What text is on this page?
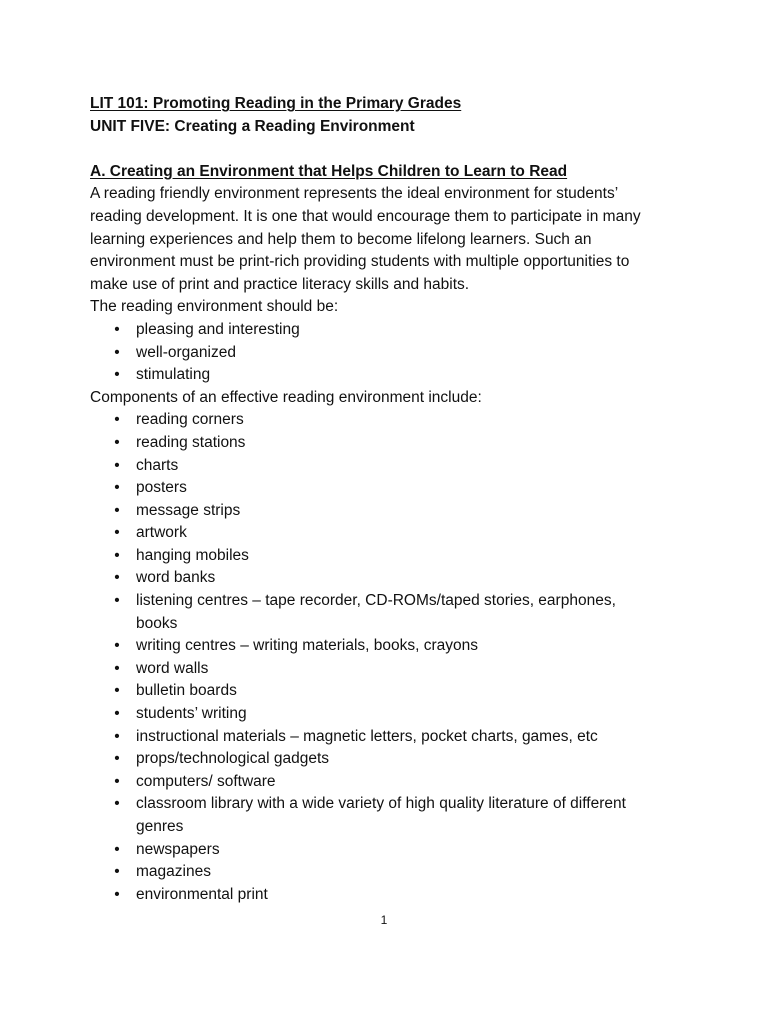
LIT 101: Promoting Reading in the Primary Grades
UNIT FIVE: Creating a Reading Environment
A. Creating an Environment that Helps Children to Learn to Read

A reading friendly environment represents the ideal environment for students’

reading development. It is one that would encourage them to participate in many

learning experiences and help them to become lifelong learners. Such an

environment must be print-rich providing students with multiple opportunities to

make use of print and practice literacy skills and habits.

The reading environment should be:
• pleasing and interesting
• well-organized
• stimulating
Components of an effective reading environment include:
• reading corners
• reading stations
• charts
• posters
• message strips
• artwork
• hanging mobiles
• word banks
• listening centres – tape recorder, CD-ROMs/taped stories, earphones,
books
• writing centres – writing materials, books, crayons
• word walls
• bulletin boards
• students’ writing
• instructional materials – magnetic letters, pocket charts, games, etc
• props/technological gadgets
• computers/ software
• classroom library with a wide variety of high quality literature of different
genres
• newspapers
• magazines
• environmental print
1
